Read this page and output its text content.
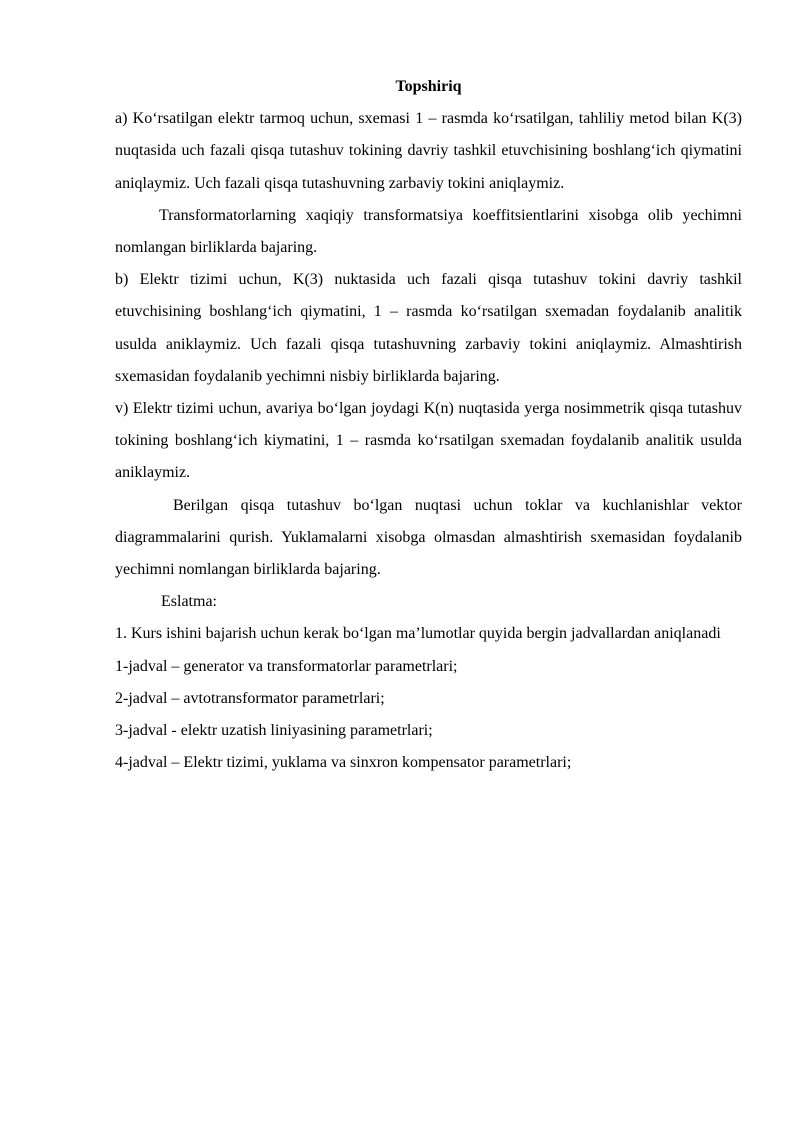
Topshiriq

a) Ko‘rsatilgan elektr tarmoq uchun, sxemasi 1 – rasmda ko‘rsatilgan, tahliliy metod bilan K(3) nuqtasida uch fazali qisqa tutashuv tokining davriy tashkil etuvchisining boshlang‘ich qiymatini aniqlaymiz. Uch fazali qisqa tutashuvning zarbaviy tokini aniqlaymiz.

Transformatorlarning xaqiqiy transformatsiya koeffitsientlarini xisobga olib yechimni nomlangan birliklarda bajaring.

b) Elektr tizimi uchun, K(3) nuktasida uch fazali qisqa tutashuv tokini davriy tashkil etuvchisining boshlang‘ich qiymatini, 1 – rasmda ko‘rsatilgan sxemadan foydalanib analitik usulda aniklaymiz. Uch fazali qisqa tutashuvning zarbaviy tokini aniqlaymiz. Almashtirish sxemasidan foydalanib yechimni nisbiy birliklarda bajaring.

v) Elektr tizimi uchun, avariya bo‘lgan joydagi K(n) nuqtasida yerga nosimmetrik qisqa tutashuv tokining boshlang‘ich kiymatini, 1 – rasmda ko‘rsatilgan sxemadan foydalanib analitik usulda aniklaymiz.

Berilgan qisqa tutashuv bo‘lgan nuqtasi uchun toklar va kuchlanishlar vektor diagrammalarini qurish. Yuklamalarni xisobga olmasdan almashtirish sxemasidan foydalanib yechimni nomlangan birliklarda bajaring.

Eslatma:

1. Kurs ishini bajarish uchun kerak bo‘lgan ma’lumotlar quyida bergin jadvallardan aniqlanadi

1-jadval – generator va transformatorlar parametrlari;

2-jadval – avtotransformator parametrlari;

3-jadval - elektr uzatish liniyasining parametrlari;

4-jadval – Elektr tizimi, yuklama va sinxron kompensator parametrlari;
